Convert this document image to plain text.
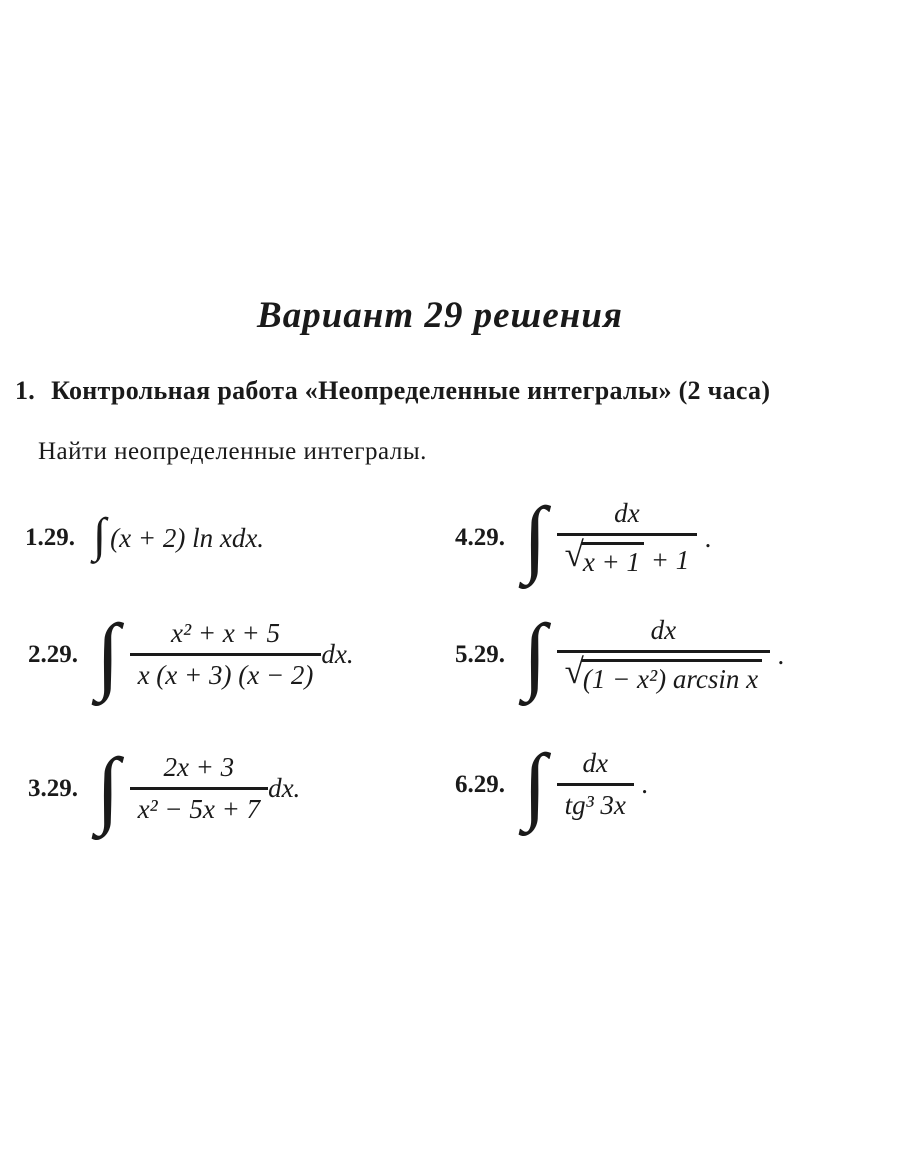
Вариант 29 решения
1. Контрольная работа «Неопределенные интегралы» (2 часа)
Найти неопределенные интегралы.
1.29. ∫ (x + 2) ln xdx.	4.29. ∫ $\frac{dx}{√ x + 1 + 1}$ .
2.29. ∫ $\frac{\text{x² + x + 5}}{x (x + 3) (x - 2)}$ dx.	5.29. ∫ $\frac{dx}{\text{√ (1 − x²) arcsin x}}$ .
3.29. ∫ $\frac{2x + 3}{\text{x² − 5x + 7}}$ dx.	6.29. ∫ $\frac{dx}{\text{tg³ 3x}}$ .
